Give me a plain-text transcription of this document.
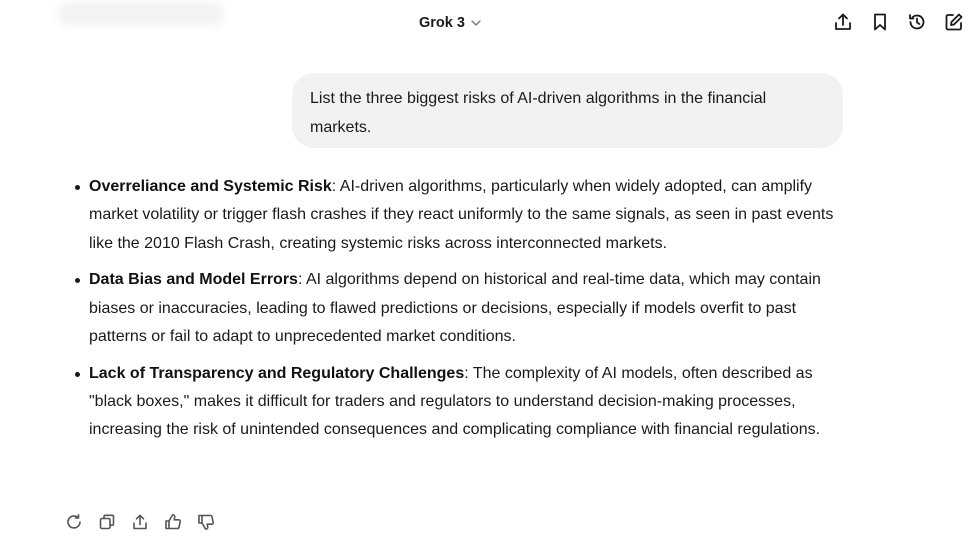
Grok 3
List the three biggest risks of AI-driven algorithms in the financial markets.
Overreliance and Systemic Risk: AI-driven algorithms, particularly when widely adopted, can amplify market volatility or trigger flash crashes if they react uniformly to the same signals, as seen in past events like the 2010 Flash Crash, creating systemic risks across interconnected markets.
Data Bias and Model Errors: AI algorithms depend on historical and real-time data, which may contain biases or inaccuracies, leading to flawed predictions or decisions, especially if models overfit to past patterns or fail to adapt to unprecedented market conditions.
Lack of Transparency and Regulatory Challenges: The complexity of AI models, often described as "black boxes," makes it difficult for traders and regulators to understand decision-making processes, increasing the risk of unintended consequences and complicating compliance with financial regulations.
